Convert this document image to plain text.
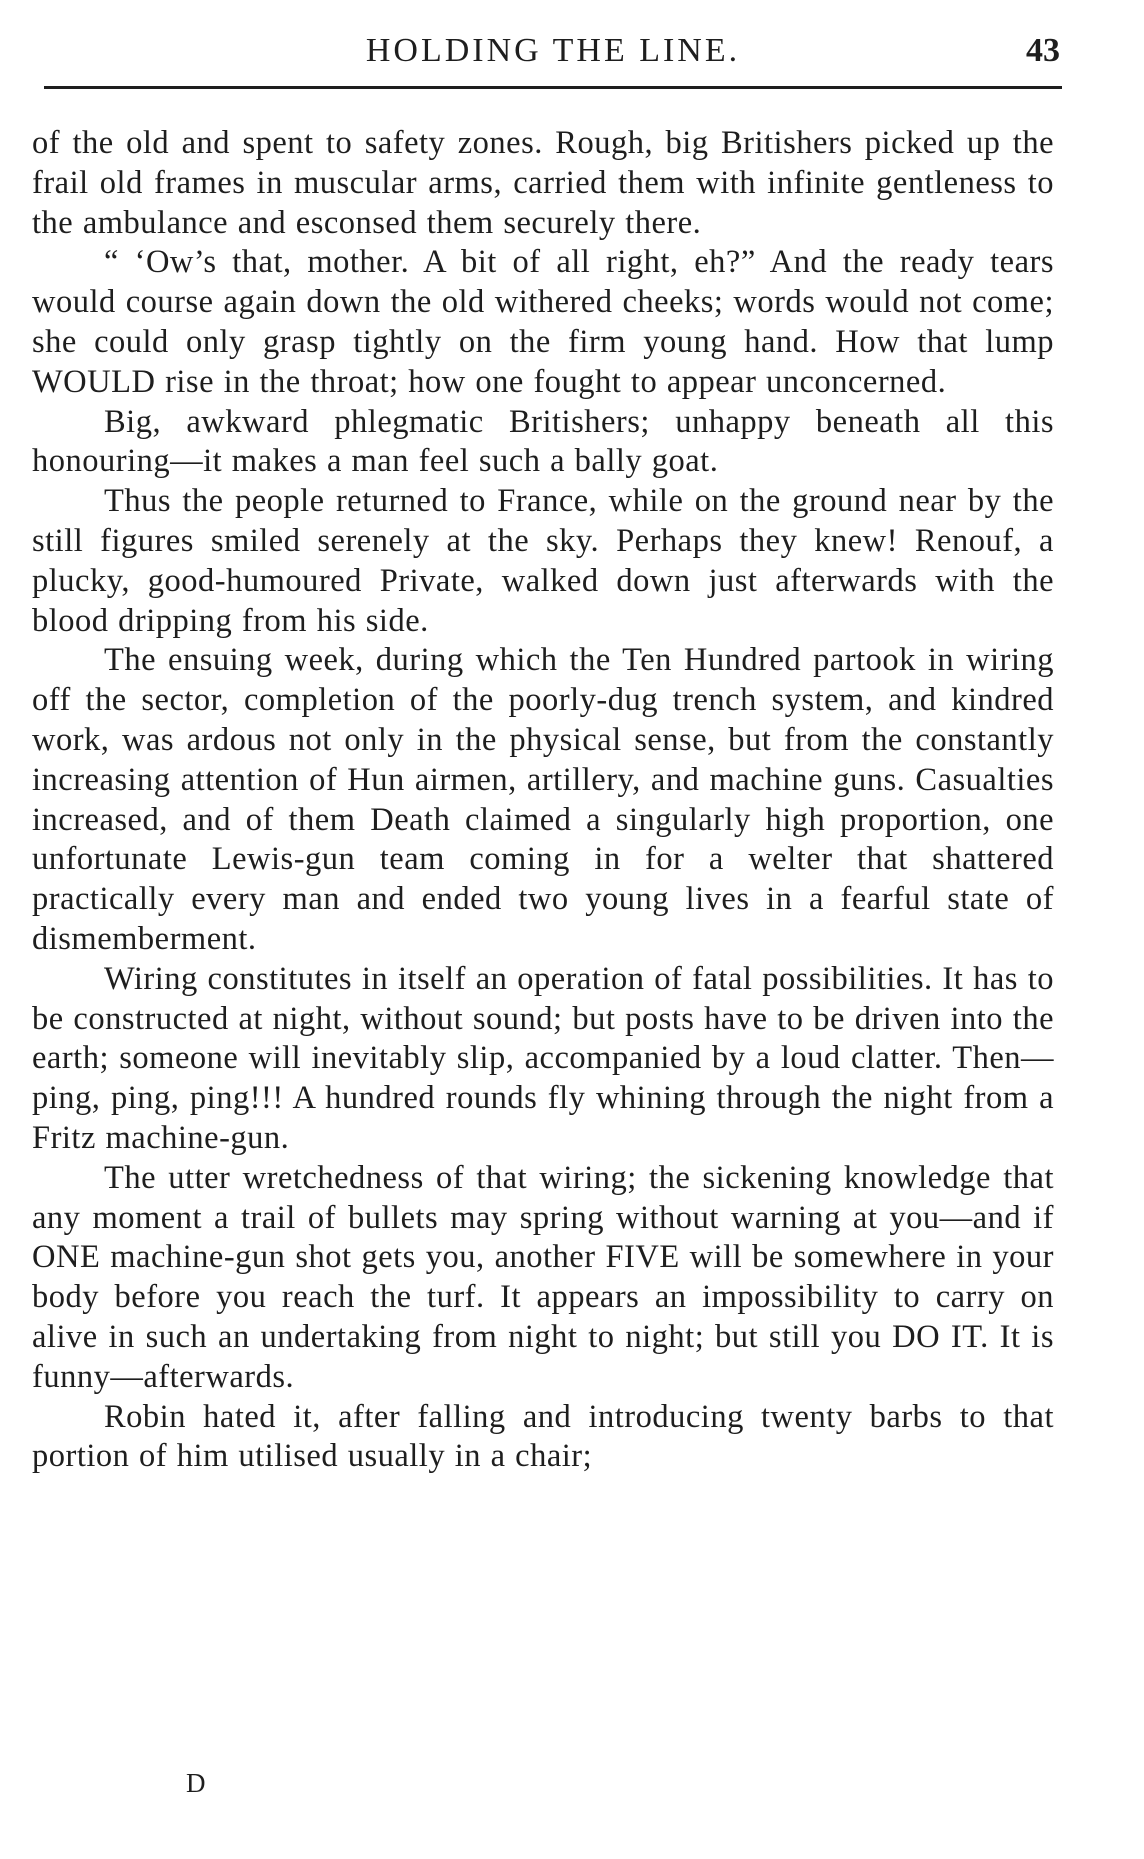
HOLDING THE LINE.	43

of the old and spent to safety zones. Rough, big Britishers picked up the frail old frames in muscular arms, carried them with infinite gentleness to the ambulance and esconsed them securely there.

“ ‘Ow’s that, mother. A bit of all right, eh?” And the ready tears would course again down the old withered cheeks; words would not come; she could only grasp tightly on the firm young hand. How that lump WOULD rise in the throat; how one fought to appear unconcerned.

Big, awkward phlegmatic Britishers; unhappy beneath all this honouring—it makes a man feel such a bally goat.

Thus the people returned to France, while on the ground near by the still figures smiled serenely at the sky. Perhaps they knew! Renouf, a plucky, good-humoured Private, walked down just afterwards with the blood dripping from his side.

The ensuing week, during which the Ten Hundred partook in wiring off the sector, completion of the poorly-dug trench system, and kindred work, was ardous not only in the physical sense, but from the constantly increasing attention of Hun airmen, artillery, and machine guns. Casualties increased, and of them Death claimed a singularly high proportion, one unfortunate Lewis-gun team coming in for a welter that shattered practically every man and ended two young lives in a fearful state of dismemberment.

Wiring constitutes in itself an operation of fatal possibilities. It has to be constructed at night, without sound; but posts have to be driven into the earth; someone will inevitably slip, accompanied by a loud clatter. Then—ping, ping, ping!!! A hundred rounds fly whining through the night from a Fritz machine-gun.

The utter wretchedness of that wiring; the sickening knowledge that any moment a trail of bullets may spring without warning at you—and if ONE machine-gun shot gets you, another FIVE will be somewhere in your body before you reach the turf. It appears an impossibility to carry on alive in such an undertaking from night to night; but still you DO IT. It is funny—afterwards.

Robin hated it, after falling and introducing twenty barbs to that portion of him utilised usually in a chair;

D
